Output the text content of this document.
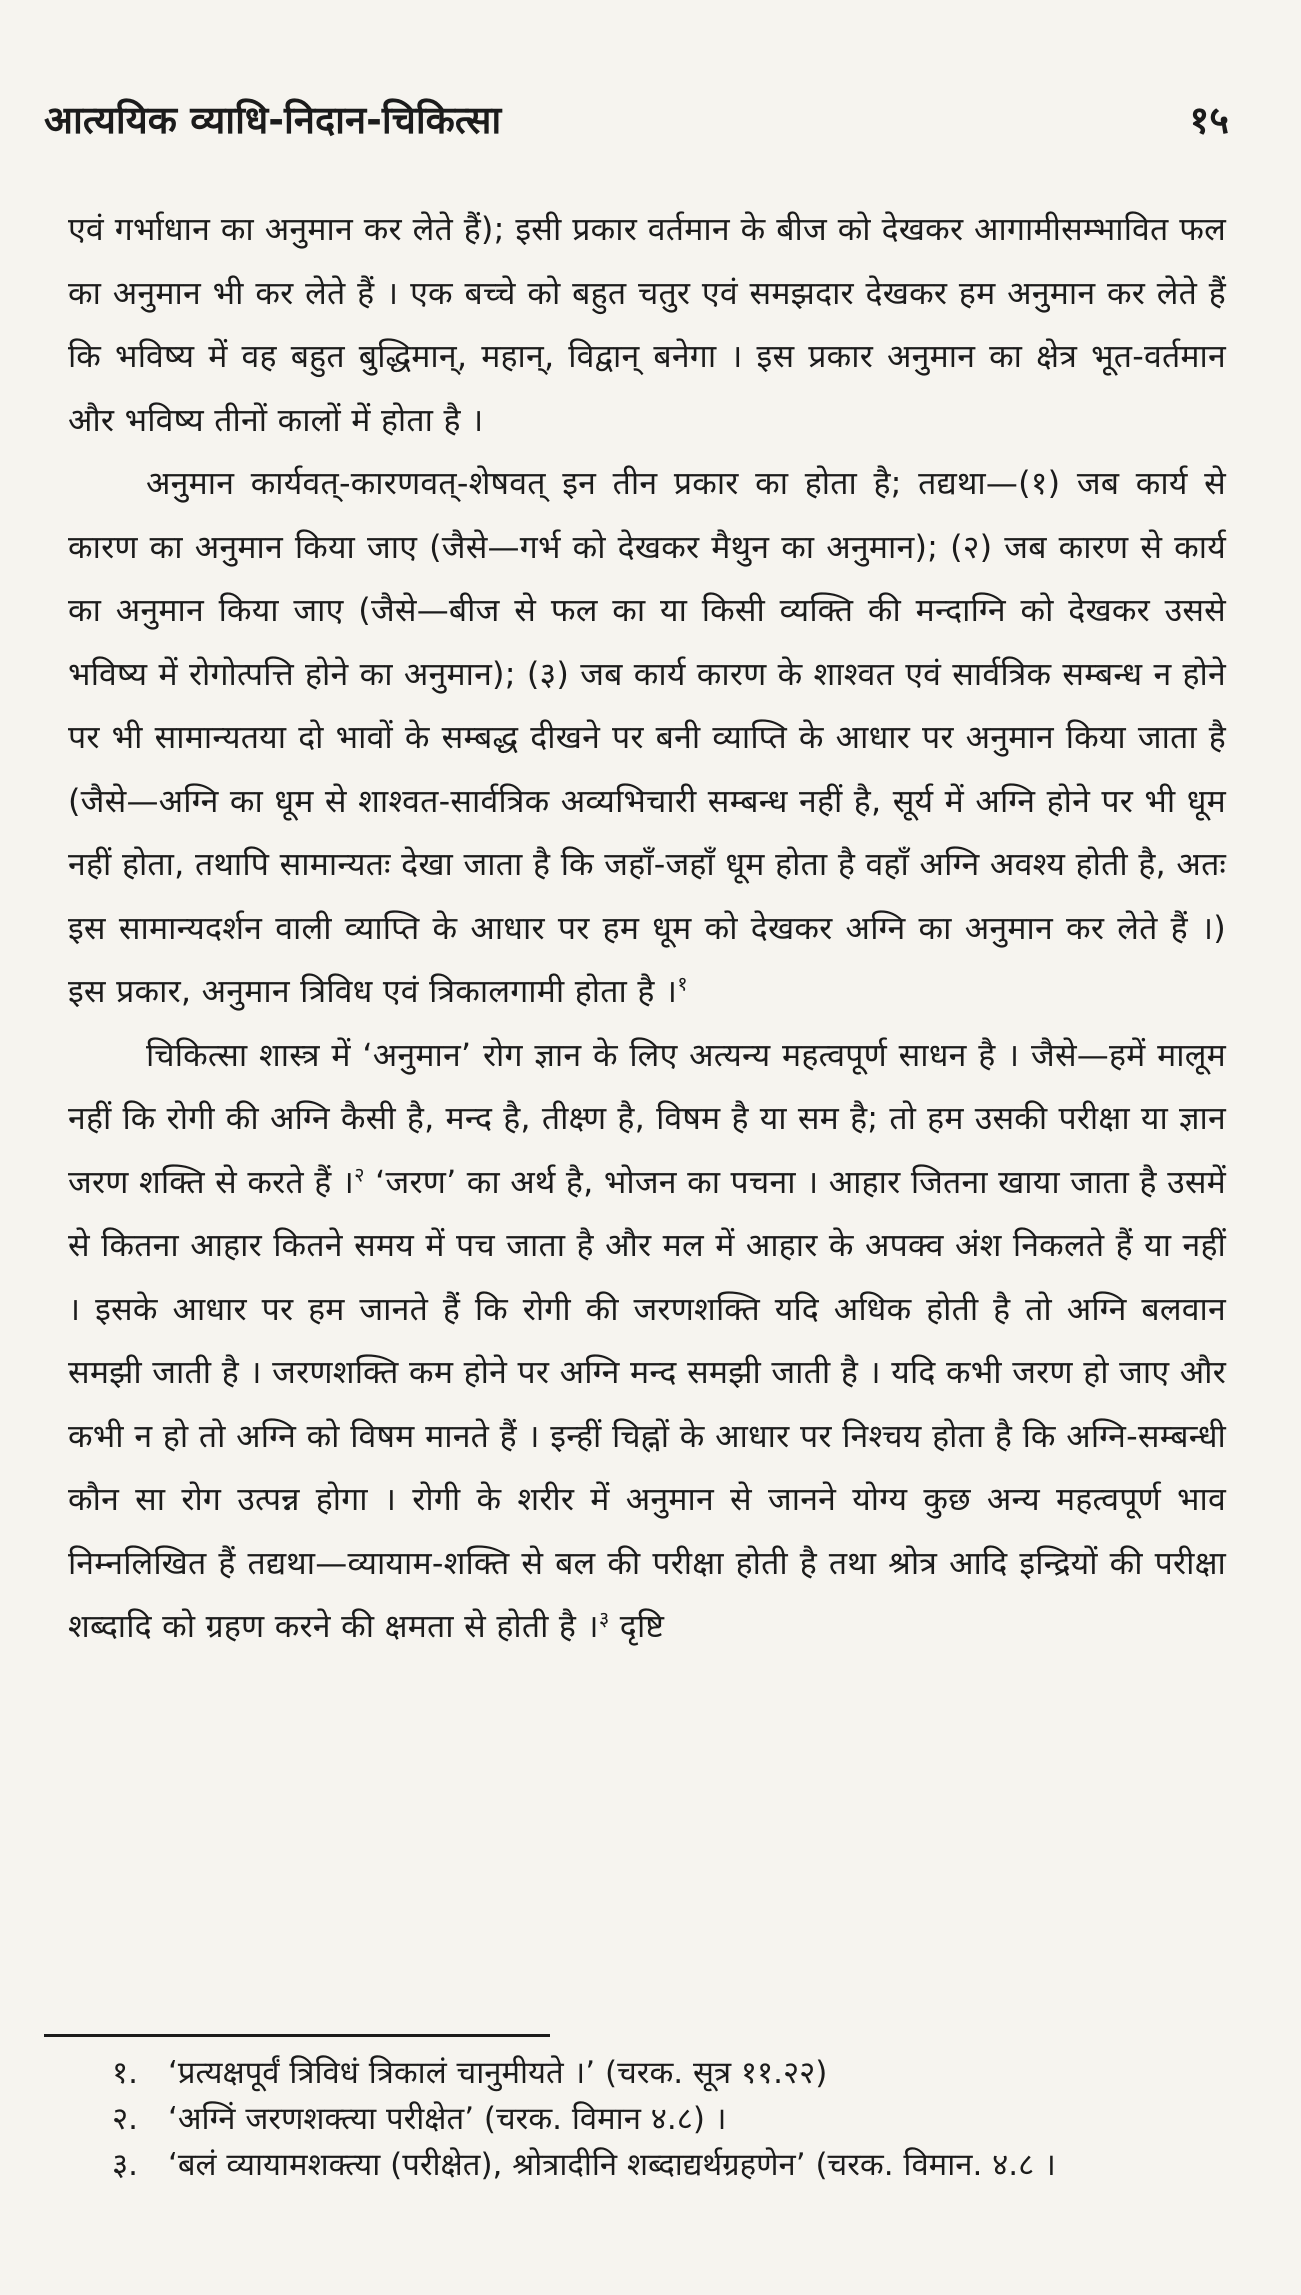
आत्ययिक व्याधि-निदान-चिकित्सा	१५

एवं गर्भाधान का अनुमान कर लेते हैं); इसी प्रकार वर्तमान के बीज को देखकर आगामीसम्भावित फल का अनुमान भी कर लेते हैं । एक बच्चे को बहुत चतुर एवं समझदार देखकर हम अनुमान कर लेते हैं कि भविष्य में वह बहुत बुद्धिमान्, महान्, विद्वान् बनेगा । इस प्रकार अनुमान का क्षेत्र भूत-वर्तमान और भविष्य तीनों कालों में होता है ।

अनुमान कार्यवत्-कारणवत्-शेषवत् इन तीन प्रकार का होता है; तद्यथा—(१) जब कार्य से कारण का अनुमान किया जाए (जैसे—गर्भ को देखकर मैथुन का अनुमान); (२) जब कारण से कार्य का अनुमान किया जाए (जैसे—बीज से फल का या किसी व्यक्ति की मन्दाग्नि को देखकर उससे भविष्य में रोगोत्पत्ति होने का अनुमान); (३) जब कार्य कारण के शाश्वत एवं सार्वत्रिक सम्बन्ध न होने पर भी सामान्यतया दो भावों के सम्बद्ध दीखने पर बनी व्याप्ति के आधार पर अनुमान किया जाता है (जैसे—अग्नि का धूम से शाश्वत-सार्वत्रिक अव्यभिचारी सम्बन्ध नहीं है, सूर्य में अग्नि होने पर भी धूम नहीं होता, तथापि सामान्यतः देखा जाता है कि जहाँ-जहाँ धूम होता है वहाँ अग्नि अवश्य होती है, अतः इस सामान्यदर्शन वाली व्याप्ति के आधार पर हम धूम को देखकर अग्नि का अनुमान कर लेते हैं ।) इस प्रकार, अनुमान त्रिविध एवं त्रिकालगामी होता है ।$^१$

चिकित्सा शास्त्र में ‘अनुमान’ रोग ज्ञान के लिए अत्यन्य महत्वपूर्ण साधन है । जैसे—हमें मालूम नहीं कि रोगी की अग्नि कैसी है, मन्द है, तीक्ष्ण है, विषम है या सम है; तो हम उसकी परीक्षा या ज्ञान जरण शक्ति से करते हैं ।$^२$ ‘जरण’ का अर्थ है, भोजन का पचना । आहार जितना खाया जाता है उसमें से कितना आहार कितने समय में पच जाता है और मल में आहार के अपक्व अंश निकलते हैं या नहीं । इसके आधार पर हम जानते हैं कि रोगी की जरणशक्ति यदि अधिक होती है तो अग्नि बलवान समझी जाती है । जरणशक्ति कम होने पर अग्नि मन्द समझी जाती है । यदि कभी जरण हो जाए और कभी न हो तो अग्नि को विषम मानते हैं । इन्हीं चिह्नों के आधार पर निश्चय होता है कि अग्नि-सम्बन्धी कौन सा रोग उत्पन्न होगा । रोगी के शरीर में अनुमान से जानने योग्य कुछ अन्य महत्वपूर्ण भाव निम्नलिखित हैं तद्यथा—व्यायाम-शक्ति से बल की परीक्षा होती है तथा श्रोत्र आदि इन्द्रियों की परीक्षा शब्दादि को ग्रहण करने की क्षमता से होती है ।$^३$ दृष्टि

१. ‘प्रत्यक्षपूर्वं त्रिविधं त्रिकालं चानुमीयते ।’ (चरक. सूत्र ११.२२)
२. ‘अग्निं जरणशक्त्या परीक्षेत’ (चरक. विमान ४.८) ।
३. ‘बलं व्यायामशक्त्या (परीक्षेत), श्रोत्रादीनि शब्दाद्यर्थग्रहणेन’ (चरक. विमान. ४.८ ।
